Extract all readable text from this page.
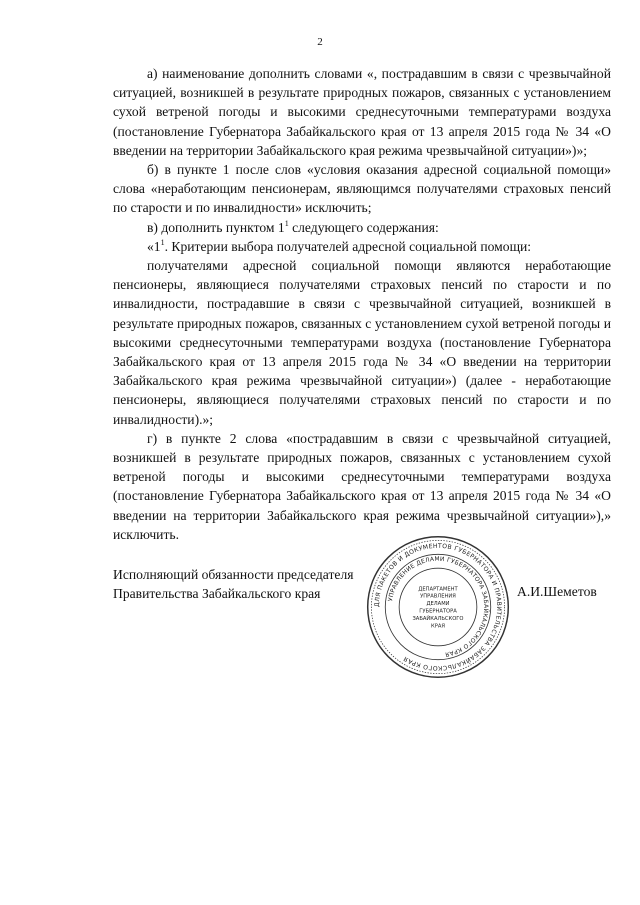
2

а) наименование дополнить словами «, пострадавшим в связи с чрезвычайной ситуацией, возникшей в результате природных пожаров, связанных с установлением сухой ветреной погоды и высокими среднесуточными температурами воздуха (постановление Губернатора Забайкальского края от 13 апреля 2015 года № 34 «О введении на территории Забайкальского края режима чрезвычайной ситуации»)»;

б) в пункте 1 после слов «условия оказания адресной социальной помощи» слова «неработающим пенсионерам, являющимся получателями страховых пенсий по старости и по инвалидности» исключить;

в) дополнить пунктом $1^1$ следующего содержания:

«$1^1$. Критерии выбора получателей адресной социальной помощи:

получателями адресной социальной помощи являются неработающие пенсионеры, являющиеся получателями страховых пенсий по старости и по инвалидности, пострадавшие в связи с чрезвычайной ситуацией, возникшей в результате природных пожаров, связанных с установлением сухой ветреной погоды и высокими среднесуточными температурами воздуха (постановление Губернатора Забайкальского края от 13 апреля 2015 года № 34 «О введении на территории Забайкальского края режима чрезвычайной ситуации») (далее - неработающие пенсионеры, являющиеся получателями страховых пенсий по старости и по инвалидности).»;

г) в пункте 2 слова «пострадавшим в связи с чрезвычайной ситуацией, возникшей в результате природных пожаров, связанных с установлением сухой ветреной погоды и высокими среднесуточными температурами воздуха (постановление Губернатора Забайкальского края от 13 апреля 2015 года № 34 «О введении на территории Забайкальского края режима чрезвычайной ситуации»),» исключить.

Исполняющий обязанности председателя
Правительства Забайкальского края
ДЛЯ ПАКЕТОВ И ДОКУМЕНТОВ ГУБЕРНАТОРА И ПРАВИТЕЛЬСТВА ЗАБАЙКАЛЬСКОГО КРАЯ
УПРАВЛЕНИЕ ДЕЛАМИ ГУБЕРНАТОРА ЗАБАЙКАЛЬСКОГО КРАЯ
ДЕПАРТАМЕНТ
УПРАВЛЕНИЯ
ДЕЛАМИ
ГУБЕРНАТОРА
ЗАБАЙКАЛЬСКОГО
КРАЯ
А.И.Шеметов
